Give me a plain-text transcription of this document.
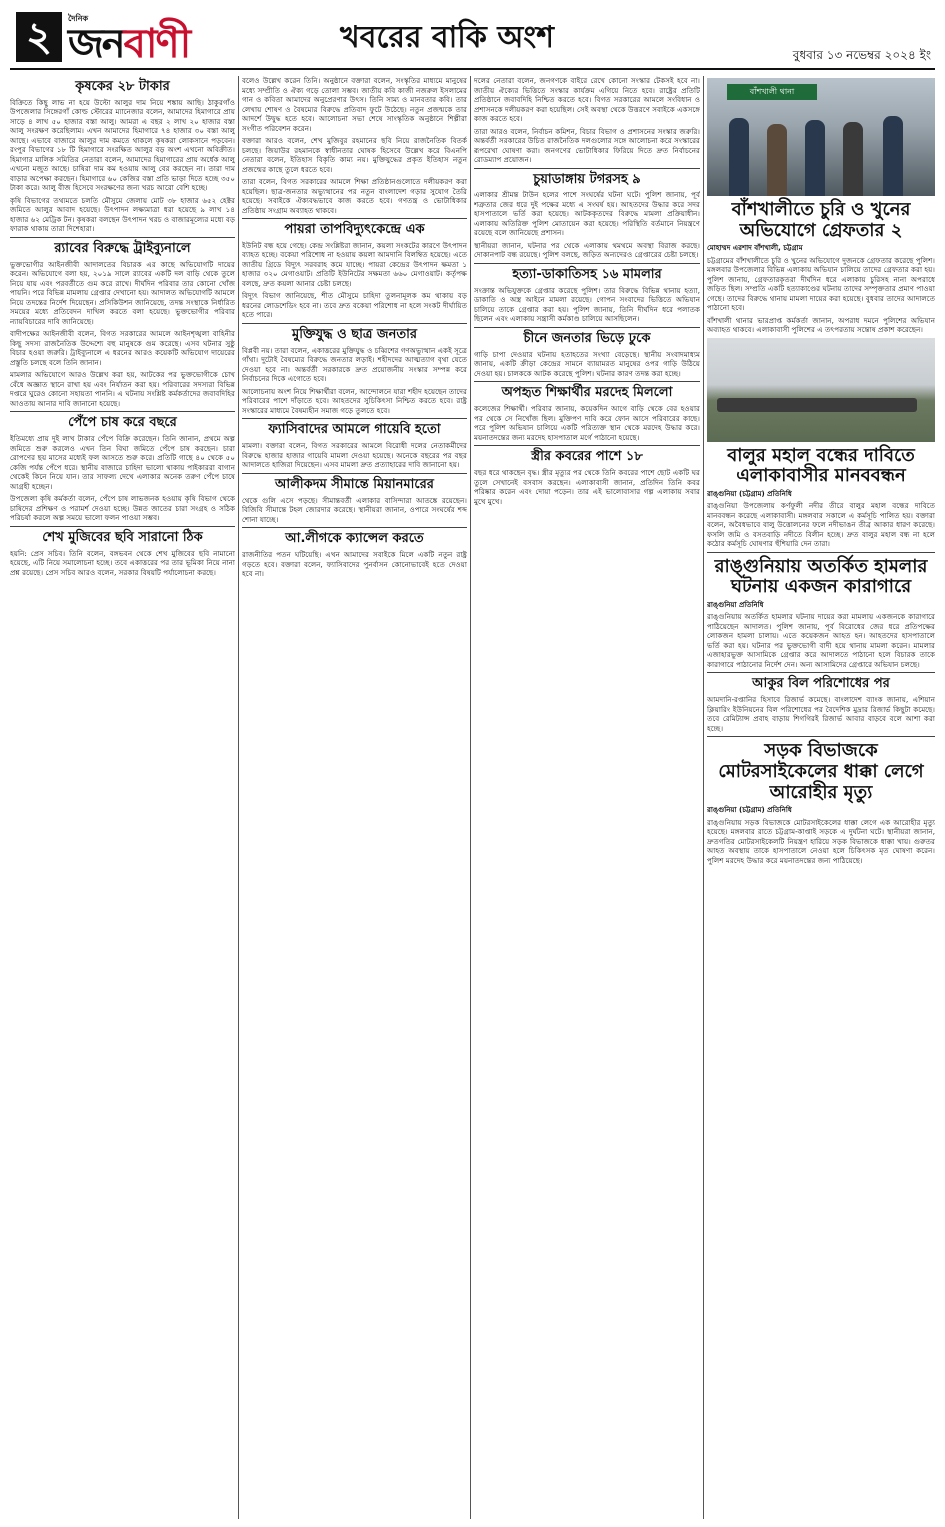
২	দৈনিক
জনবাণী	খবরের বাকি অংশ	বুধবার ১৩ নভেম্বর ২০২৪ ইং
কৃষকের ২৮ টাকার

বিক্রিতে কিছু লাভ না হয়ে উল্টো আলুর দাম নিয়ে শঙ্কায় আছি। ঠাকুরগাঁও উপজেলার সিঙ্গেরগাঁ কোল্ড স্টোরের ম্যানেজার বলেন, আমাদের হিমাগারে প্রায় সাড়ে ৪ লাখ ৫০ হাজার বস্তা আলু। আমরা এ বছর ২ লাখ ২০ হাজার বস্তা আলু সংরক্ষণ করেছিলাম। এখন আমাদের হিমাগারে ৭৪ হাজার ৩০ বস্তা আলু আছে। এভাবে বাজারে আলুর দাম কমতে থাকলে কৃষকরা লোকসানে পড়বেন। রংপুর বিভাগের ১৮ টি হিমাগারে সংরক্ষিত আলুর বড় অংশ এখনো অবিক্রীত। হিমাগার মালিক সমিতির নেতারা বলেন, আমাদের হিমাগারের প্রায় অর্ধেক আলু এখনো মজুত আছে। চাষিরা দাম কম হওয়ায় আলু বের করছেন না। তারা দাম বাড়ার অপেক্ষা করছেন। হিমাগারে ৬০ কেজির বস্তা প্রতি ভাড়া দিতে হচ্ছে ৩৫০ টাকা করে। আলু বীজ হিসেবে সংরক্ষণের জন্য খরচ আরো বেশি হচ্ছে।

কৃষি বিভাগের তথ্যমতে চলতি মৌসুমে জেলায় মোট ৩৮ হাজার ৬৫২ হেক্টর জমিতে আলুর আবাদ হয়েছে। উৎপাদন লক্ষ্যমাত্রা ধরা হয়েছে ৯ লাখ ১৪ হাজার ৬২ মেট্রিক টন। কৃষকরা বলছেন উৎপাদন খরচ ও বাজারমূল্যের মধ্যে বড় ফারাক থাকায় তারা দিশেহারা।

র‍্যাবের বিরুদ্ধে ট্রাইব্যুনালে

ভুক্তভোগীর আইনজীবী আদালতের বিচারক এর কাছে অভিযোগটি দায়ের করেন। অভিযোগে বলা হয়, ২০১৯ সালে র‍্যাবের একটি দল বাড়ি থেকে তুলে নিয়ে যায় এবং পরবর্তীতে গুম করে রাখে। দীর্ঘদিন পরিবার তার কোনো খোঁজ পায়নি। পরে বিভিন্ন মামলায় গ্রেপ্তার দেখানো হয়। আদালত অভিযোগটি আমলে নিয়ে তদন্তের নির্দেশ দিয়েছেন। প্রসিকিউশন জানিয়েছে, তদন্ত সংস্থাকে নির্ধারিত সময়ের মধ্যে প্রতিবেদন দাখিল করতে বলা হয়েছে। ভুক্তভোগীর পরিবার ন্যায়বিচারের দাবি জানিয়েছে।

বাদীপক্ষের আইনজীবী বলেন, বিগত সরকারের আমলে আইনশৃঙ্খলা বাহিনীর কিছু সদস্য রাজনৈতিক উদ্দেশ্যে বহু মানুষকে গুম করেছে। এসব ঘটনার সুষ্ঠু বিচার হওয়া জরুরি। ট্রাইব্যুনালে এ ধরনের আরও কয়েকটি অভিযোগ দায়েরের প্রস্তুতি চলছে বলে তিনি জানান।

মামলার অভিযোগে আরও উল্লেখ করা হয়, আটকের পর ভুক্তভোগীকে চোখ বেঁধে অজ্ঞাত স্থানে রাখা হয় এবং নির্যাতন করা হয়। পরিবারের সদস্যরা বিভিন্ন দপ্তরে ঘুরেও কোনো সহায়তা পাননি। এ ঘটনায় সংশ্লিষ্ট কর্মকর্তাদের জবাবদিহির আওতায় আনার দাবি জানানো হয়েছে।

পেঁপে চাষ করে বছরে

ইতিমধ্যে প্রায় দুই লাখ টাকার পেঁপে বিক্রি করেছেন। তিনি জানান, প্রথমে অল্প জমিতে শুরু করলেও এখন তিন বিঘা জমিতে পেঁপে চাষ করছেন। চারা রোপণের ছয় মাসের মধ্যেই ফল আসতে শুরু করে। প্রতিটি গাছে ৪০ থেকে ৫০ কেজি পর্যন্ত পেঁপে ধরে। স্থানীয় বাজারে চাহিদা ভালো থাকায় পাইকাররা বাগান থেকেই কিনে নিয়ে যান। তার সাফল্য দেখে এলাকার অনেক তরুণ পেঁপে চাষে আগ্রহী হচ্ছেন।

উপজেলা কৃষি কর্মকর্তা বলেন, পেঁপে চাষ লাভজনক হওয়ায় কৃষি বিভাগ থেকে চাষিদের প্রশিক্ষণ ও পরামর্শ দেওয়া হচ্ছে। উন্নত জাতের চারা সংগ্রহ ও সঠিক পরিচর্যা করলে অল্প সময়ে ভালো ফলন পাওয়া সম্ভব।

শেখ মুজিবের ছবি সারানো ঠিক

হয়নি: প্রেস সচিব। তিনি বলেন, বঙ্গভবন থেকে শেখ মুজিবের ছবি নামানো হয়েছে, এটি নিয়ে সমালোচনা হচ্ছে। তবে একাত্তরের পর তার ভূমিকা নিয়ে নানা প্রশ্ন রয়েছে। প্রেস সচিব আরও বলেন, সরকার বিষয়টি পর্যালোচনা করছে।

বলেও উল্লেখ করেন তিনি। অনুষ্ঠানে বক্তারা বলেন, সংস্কৃতির মাধ্যমে মানুষের মধ্যে সম্প্রীতি ও ঐক্য গড়ে তোলা সম্ভব। জাতীয় কবি কাজী নজরুল ইসলামের গান ও কবিতা আমাদের অনুপ্রেরণার উৎস। তিনি সাম্য ও মানবতার কবি। তার লেখায় শোষণ ও বৈষম্যের বিরুদ্ধে প্রতিবাদ ফুটে উঠেছে। নতুন প্রজন্মকে তার আদর্শে উদ্বুদ্ধ হতে হবে। আলোচনা সভা শেষে সাংস্কৃতিক অনুষ্ঠানে শিল্পীরা সংগীত পরিবেশন করেন।

বক্তারা আরও বলেন, শেখ মুজিবুর রহমানের ছবি নিয়ে রাজনৈতিক বিতর্ক চলছে। জিয়াউর রহমানকে স্বাধীনতার ঘোষক হিসেবে উল্লেখ করে বিএনপি নেতারা বলেন, ইতিহাস বিকৃতি কাম্য নয়। মুক্তিযুদ্ধের প্রকৃত ইতিহাস নতুন প্রজন্মের কাছে তুলে ধরতে হবে।

তারা বলেন, বিগত সরকারের আমলে শিক্ষা প্রতিষ্ঠানগুলোতে দলীয়করণ করা হয়েছিল। ছাত্র-জনতার অভ্যুত্থানের পর নতুন বাংলাদেশ গড়ার সুযোগ তৈরি হয়েছে। সবাইকে ঐক্যবদ্ধভাবে কাজ করতে হবে। গণতন্ত্র ও ভোটাধিকার প্রতিষ্ঠায় সংগ্রাম অব্যাহত থাকবে।

পায়রা তাপবিদ্যুৎকেন্দ্রে এক

ইউনিট বন্ধ হয়ে গেছে। কেন্দ্র সংশ্লিষ্টরা জানান, কয়লা সংকটের কারণে উৎপাদন ব্যাহত হচ্ছে। বকেয়া পরিশোধ না হওয়ায় কয়লা আমদানি বিলম্বিত হয়েছে। এতে জাতীয় গ্রিডে বিদ্যুৎ সরবরাহ কমে যাচ্ছে। পায়রা কেন্দ্রের উৎপাদন ক্ষমতা ১ হাজার ৩২০ মেগাওয়াট। প্রতিটি ইউনিটের সক্ষমতা ৬৬০ মেগাওয়াট। কর্তৃপক্ষ বলছে, দ্রুত কয়লা আনার চেষ্টা চলছে।

বিদ্যুৎ বিভাগ জানিয়েছে, শীত মৌসুমে চাহিদা তুলনামূলক কম থাকায় বড় ধরনের লোডশেডিং হবে না। তবে দ্রুত বকেয়া পরিশোধ না হলে সংকট দীর্ঘায়িত হতে পারে।

মুক্তিযুদ্ধ ও ছাত্র জনতার

বিপ্লবী নয়। তারা বলেন, একাত্তরের মুক্তিযুদ্ধ ও চব্বিশের গণঅভ্যুত্থান একই সূত্রে গাঁথা। দুটোই বৈষম্যের বিরুদ্ধে জনতার লড়াই। শহীদদের আত্মত্যাগ বৃথা যেতে দেওয়া হবে না। অন্তর্বর্তী সরকারকে দ্রুত প্রয়োজনীয় সংস্কার সম্পন্ন করে নির্বাচনের দিকে এগোতে হবে।

আলোচনায় অংশ নিয়ে শিক্ষার্থীরা বলেন, আন্দোলনে যারা শহীদ হয়েছেন তাদের পরিবারের পাশে দাঁড়াতে হবে। আহতদের সুচিকিৎসা নিশ্চিত করতে হবে। রাষ্ট্র সংস্কারের মাধ্যমে বৈষম্যহীন সমাজ গড়ে তুলতে হবে।

ফ্যাসিবাদের আমলে গায়েবি হতো

মামলা। বক্তারা বলেন, বিগত সরকারের আমলে বিরোধী দলের নেতাকর্মীদের বিরুদ্ধে হাজার হাজার গায়েবি মামলা দেওয়া হয়েছে। অনেকে বছরের পর বছর আদালতে হাজিরা দিয়েছেন। এসব মামলা দ্রুত প্রত্যাহারের দাবি জানানো হয়।

আলীকদম সীমান্তে মিয়ানমারের

থেকে গুলি এসে পড়ছে। সীমান্তবর্তী এলাকার বাসিন্দারা আতঙ্কে রয়েছেন। বিজিবি সীমান্তে টহল জোরদার করেছে। স্থানীয়রা জানান, ওপারে সংঘর্ষের শব্দ শোনা যাচ্ছে।

আ.লীগকে ক্যান্সেল করতে

রাজনীতির পতন ঘটিয়েছি। এখন আমাদের সবাইকে মিলে একটি নতুন রাষ্ট্র গড়তে হবে। বক্তারা বলেন, ফ্যাসিবাদের পুনর্বাসন কোনোভাবেই হতে দেওয়া হবে না।

দলের নেতারা বলেন, জনগণকে বাইরে রেখে কোনো সংস্কার টেকসই হবে না। জাতীয় ঐক্যের ভিত্তিতে সংস্কার কার্যক্রম এগিয়ে নিতে হবে। রাষ্ট্রের প্রতিটি প্রতিষ্ঠানে জবাবদিহি নিশ্চিত করতে হবে। বিগত সরকারের আমলে সংবিধান ও প্রশাসনকে দলীয়করণ করা হয়েছিল। সেই অবস্থা থেকে উত্তরণে সবাইকে একসঙ্গে কাজ করতে হবে।

তারা আরও বলেন, নির্বাচন কমিশন, বিচার বিভাগ ও প্রশাসনের সংস্কার জরুরি। অন্তর্বর্তী সরকারের উচিত রাজনৈতিক দলগুলোর সঙ্গে আলোচনা করে সংস্কারের রূপরেখা ঘোষণা করা। জনগণের ভোটাধিকার ফিরিয়ে দিতে দ্রুত নির্বাচনের রোডম্যাপ প্রয়োজন।

চুয়াডাঙ্গায় টগরসহ ৯

এলাকার শ্রীমন্ত টাউন হলের পাশে সংঘর্ষের ঘটনা ঘটে। পুলিশ জানায়, পূর্ব শত্রুতার জের ধরে দুই পক্ষের মধ্যে এ সংঘর্ষ হয়। আহতদের উদ্ধার করে সদর হাসপাতালে ভর্তি করা হয়েছে। আটককৃতদের বিরুদ্ধে মামলা প্রক্রিয়াধীন। এলাকায় অতিরিক্ত পুলিশ মোতায়েন করা হয়েছে। পরিস্থিতি বর্তমানে নিয়ন্ত্রণে রয়েছে বলে জানিয়েছে প্রশাসন।

স্থানীয়রা জানান, ঘটনার পর থেকে এলাকায় থমথমে অবস্থা বিরাজ করছে। দোকানপাট বন্ধ রয়েছে। পুলিশ বলছে, জড়িত অন্যদেরও গ্রেপ্তারের চেষ্টা চলছে।

হত্যা-ডাকাতিসহ ১৬ মামলার

সংক্রান্ত অভিযুক্তকে গ্রেপ্তার করেছে পুলিশ। তার বিরুদ্ধে বিভিন্ন থানায় হত্যা, ডাকাতি ও অস্ত্র আইনে মামলা রয়েছে। গোপন সংবাদের ভিত্তিতে অভিযান চালিয়ে তাকে গ্রেপ্তার করা হয়। পুলিশ জানায়, তিনি দীর্ঘদিন ধরে পলাতক ছিলেন এবং এলাকায় সন্ত্রাসী কর্মকাণ্ড চালিয়ে আসছিলেন।

চীনে জনতার ভিড়ে ঢুকে

গাড়ি চাপা দেওয়ার ঘটনায় হতাহতের সংখ্যা বেড়েছে। স্থানীয় সংবাদমাধ্যম জানায়, একটি ক্রীড়া কেন্দ্রের সামনে ব্যায়ামরত মানুষের ওপর গাড়ি উঠিয়ে দেওয়া হয়। চালককে আটক করেছে পুলিশ। ঘটনার কারণ তদন্ত করা হচ্ছে।

অপহৃত শিক্ষার্থীর মরদেহ মিললো

কলেজের শিক্ষার্থী। পরিবার জানায়, কয়েকদিন আগে বাড়ি থেকে বের হওয়ার পর থেকে সে নিখোঁজ ছিল। মুক্তিপণ দাবি করে ফোন আসে পরিবারের কাছে। পরে পুলিশ অভিযান চালিয়ে একটি পরিত্যক্ত স্থান থেকে মরদেহ উদ্ধার করে। ময়নাতদন্তের জন্য মরদেহ হাসপাতাল মর্গে পাঠানো হয়েছে।

স্ত্রীর কবরের পাশে ১৮

বছর ধরে থাকছেন বৃদ্ধ। স্ত্রীর মৃত্যুর পর থেকে তিনি কবরের পাশে ছোট একটি ঘর তুলে সেখানেই বসবাস করছেন। এলাকাবাসী জানান, প্রতিদিন তিনি কবর পরিষ্কার করেন এবং দোয়া পড়েন। তার এই ভালোবাসার গল্প এলাকায় সবার মুখে মুখে।

বাঁশখালী থানা
বাঁশখালীতে চুরি ও খুনের অভিযোগে গ্রেফতার ২
মোহাম্মদ এরশাদ বাঁশখালী, চট্টগ্রাম

চট্টগ্রামের বাঁশখালীতে চুরি ও খুনের অভিযোগে দুজনকে গ্রেফতার করেছে পুলিশ। মঙ্গলবার উপজেলার বিভিন্ন এলাকায় অভিযান চালিয়ে তাদের গ্রেফতার করা হয়। পুলিশ জানায়, গ্রেফতারকৃতরা দীর্ঘদিন ধরে এলাকায় চুরিসহ নানা অপরাধে জড়িত ছিল। সম্প্রতি একটি হত্যাকাণ্ডের ঘটনায় তাদের সম্পৃক্ততার প্রমাণ পাওয়া গেছে। তাদের বিরুদ্ধে থানায় মামলা দায়ের করা হয়েছে। বুধবার তাদের আদালতে পাঠানো হবে।

বাঁশখালী থানার ভারপ্রাপ্ত কর্মকর্তা জানান, অপরাধ দমনে পুলিশের অভিযান অব্যাহত থাকবে। এলাকাবাসী পুলিশের এ তৎপরতায় সন্তোষ প্রকাশ করেছেন।

বালুর মহাল বন্ধের দাবিতে এলাকাবাসীর মানববন্ধন
রাঙ্গুনিয়া (চট্টগ্রাম) প্রতিনিধি

রাঙ্গুনিয়া উপজেলায় কর্ণফুলী নদীর তীরে বালুর মহাল বন্ধের দাবিতে মানববন্ধন করেছে এলাকাবাসী। মঙ্গলবার সকালে এ কর্মসূচি পালিত হয়। বক্তারা বলেন, অবৈধভাবে বালু উত্তোলনের ফলে নদীভাঙন তীব্র আকার ধারণ করেছে। ফসলি জমি ও বসতবাড়ি নদীতে বিলীন হচ্ছে। দ্রুত বালুর মহাল বন্ধ না হলে কঠোর কর্মসূচি ঘোষণার হুঁশিয়ারি দেন তারা।

রাঙ্গুনিয়ায় অতর্কিত হামলার ঘটনায় একজন কারাগারে
রাঙ্গুনিয়া প্রতিনিধি

রাঙ্গুনিয়ায় অতর্কিত হামলার ঘটনায় দায়ের করা মামলায় একজনকে কারাগারে পাঠিয়েছেন আদালত। পুলিশ জানায়, পূর্ব বিরোধের জের ধরে প্রতিপক্ষের লোকজন হামলা চালায়। এতে কয়েকজন আহত হন। আহতদের হাসপাতালে ভর্তি করা হয়। ঘটনার পর ভুক্তভোগী বাদী হয়ে থানায় মামলা করেন। মামলার এজাহারভুক্ত আসামিকে গ্রেপ্তার করে আদালতে পাঠানো হলে বিচারক তাকে কারাগারে পাঠানোর নির্দেশ দেন। অন্য আসামিদের গ্রেপ্তারে অভিযান চলছে।

আকুর বিল পরিশোধের পর

আমদানি-রপ্তানির হিসাবে রিজার্ভ কমেছে। বাংলাদেশ ব্যাংক জানায়, এশিয়ান ক্লিয়ারিং ইউনিয়নের বিল পরিশোধের পর বৈদেশিক মুদ্রার রিজার্ভ কিছুটা কমেছে। তবে রেমিট্যান্স প্রবাহ বাড়ায় শিগগিরই রিজার্ভ আবার বাড়বে বলে আশা করা হচ্ছে।

সড়ক বিভাজকে মোটরসাইকেলের ধাক্কা লেগে আরোহীর মৃত্যু
রাঙ্গুনিয়া (চট্টগ্রাম) প্রতিনিধি

রাঙ্গুনিয়ায় সড়ক বিভাজকে মোটরসাইকেলের ধাক্কা লেগে এক আরোহীর মৃত্যু হয়েছে। মঙ্গলবার রাতে চট্টগ্রাম-কাপ্তাই সড়কে এ দুর্ঘটনা ঘটে। স্থানীয়রা জানান, দ্রুতগতির মোটরসাইকেলটি নিয়ন্ত্রণ হারিয়ে সড়ক বিভাজকে ধাক্কা খায়। গুরুতর আহত অবস্থায় তাকে হাসপাতালে নেওয়া হলে চিকিৎসক মৃত ঘোষণা করেন। পুলিশ মরদেহ উদ্ধার করে ময়নাতদন্তের জন্য পাঠিয়েছে।
